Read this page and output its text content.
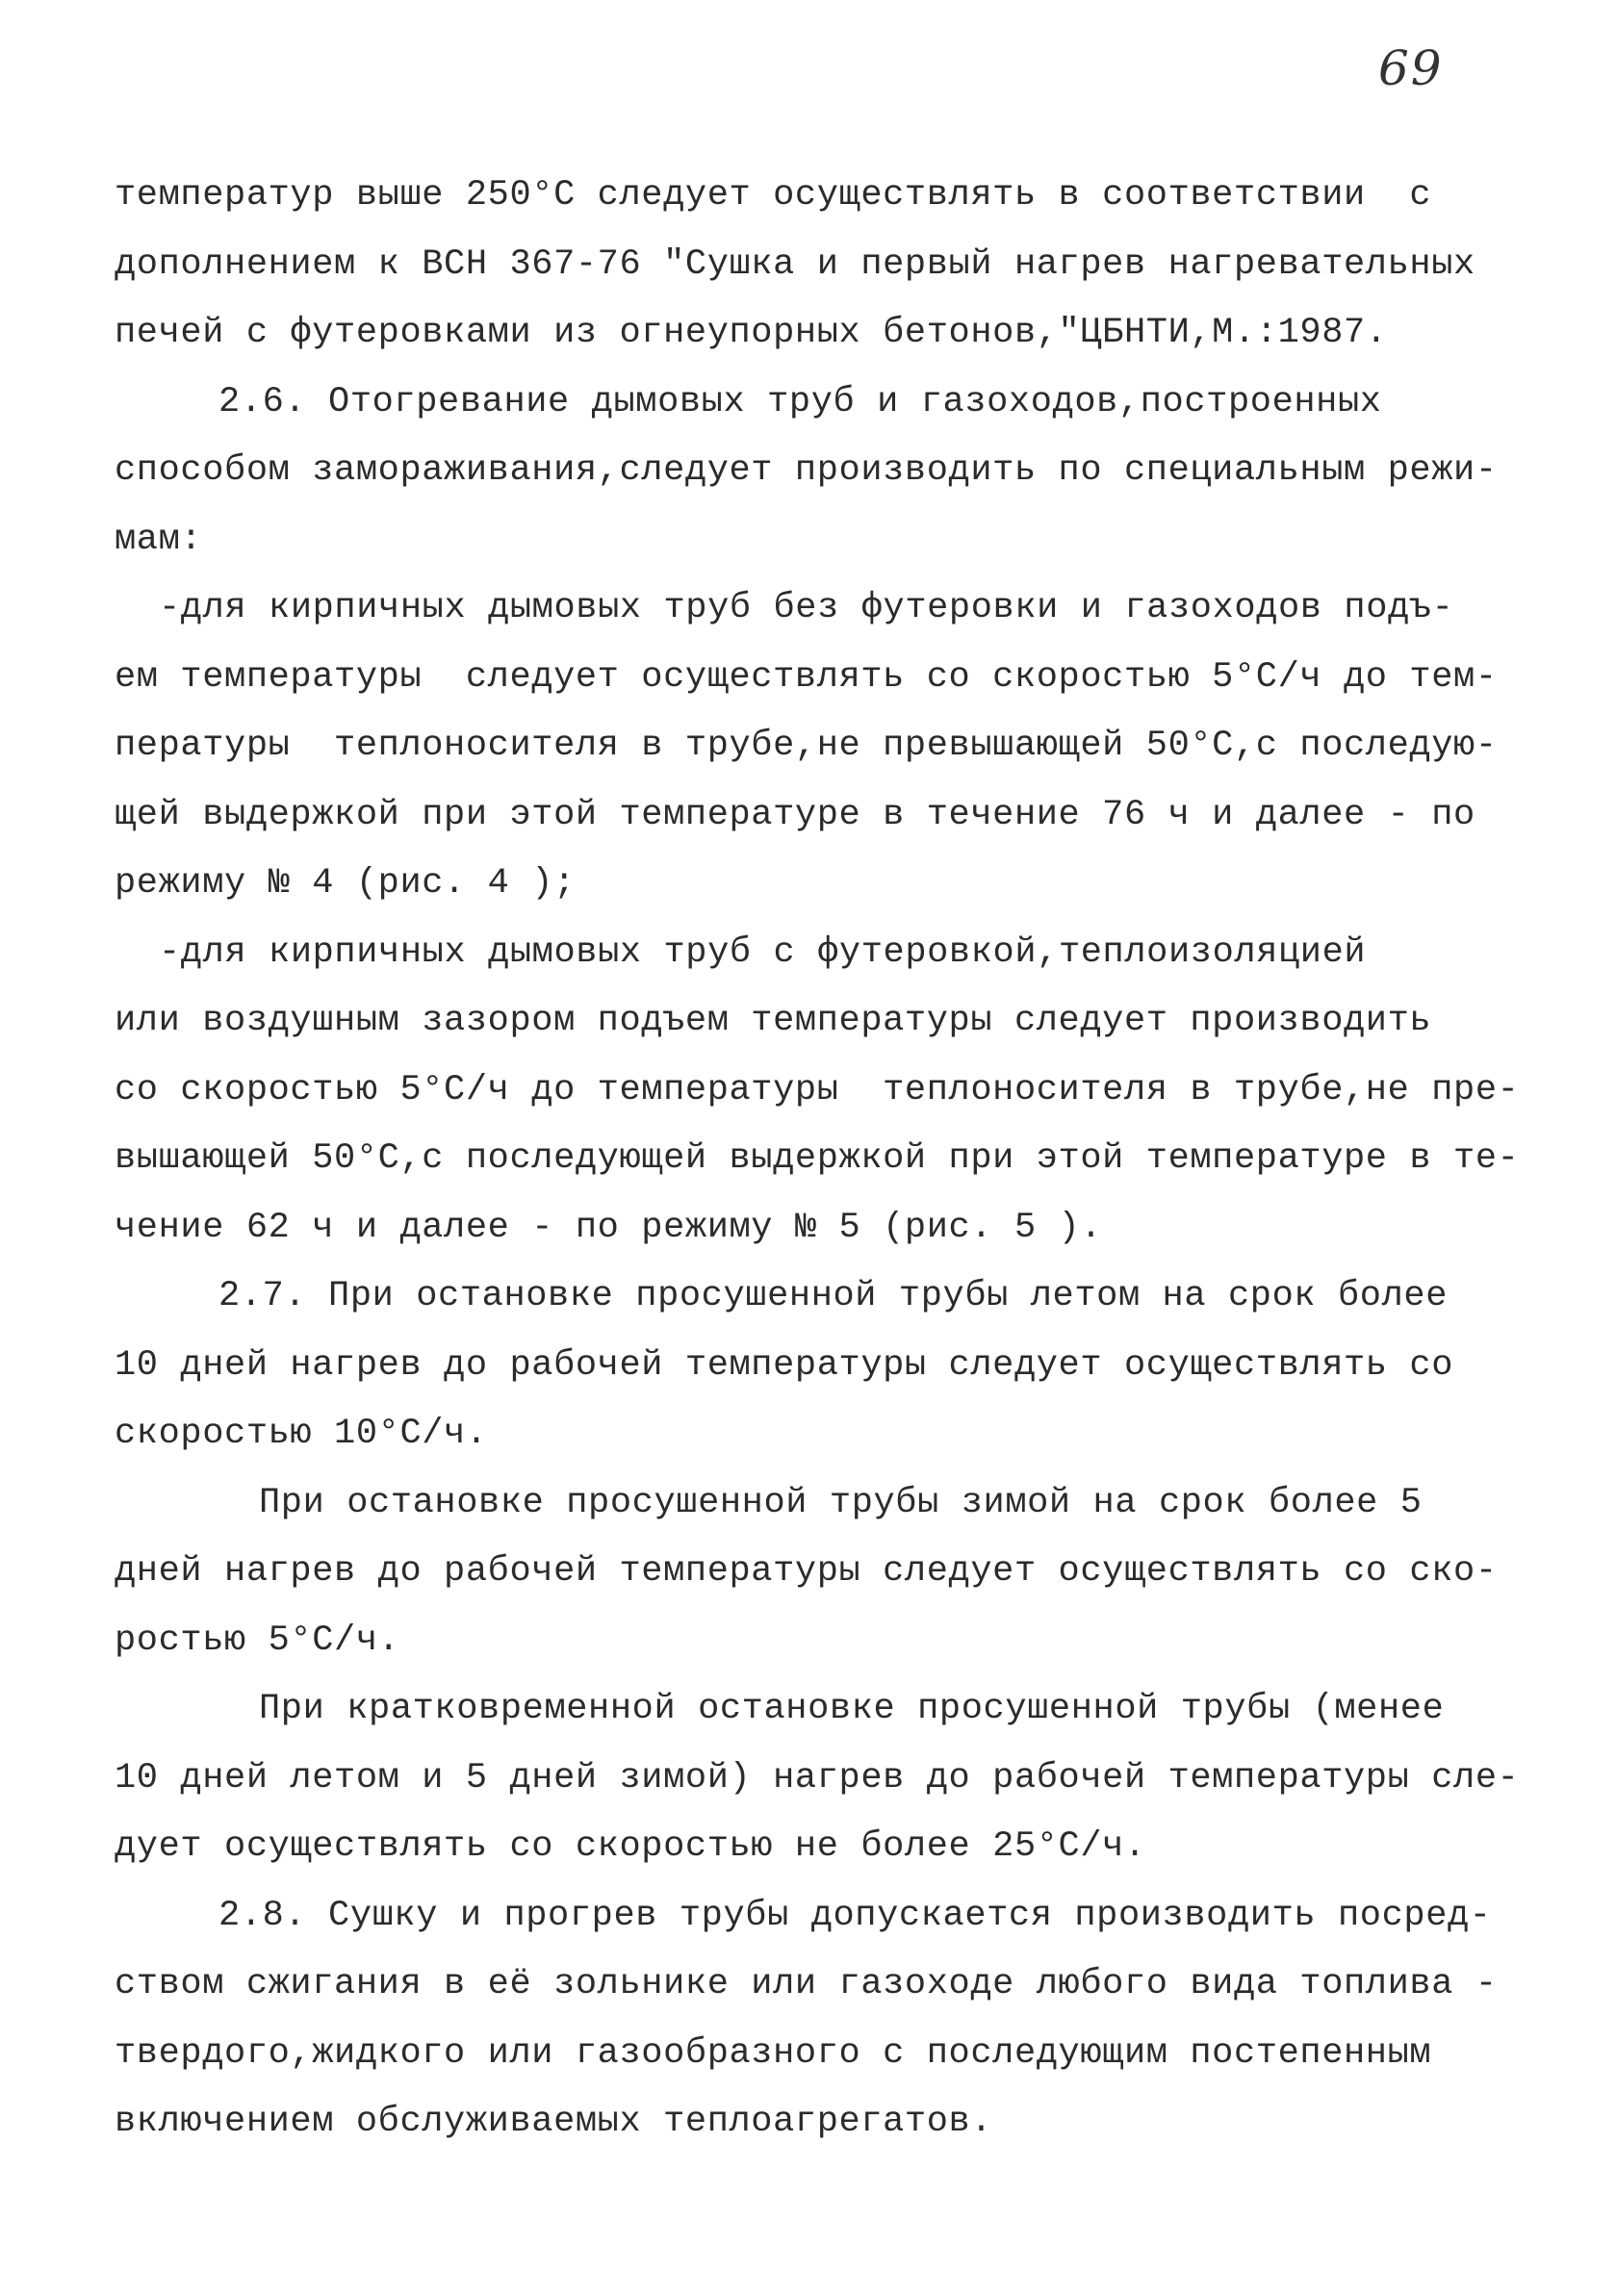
69
температур выше 250°С следует осуществлять в соответствии  с
дополнением к ВСН 367-76 "Сушка и первый нагрев нагревательных
печей с футеровками из огнеупорных бетонов,"ЦБНТИ,М.:1987.
2.6. Отогревание дымовых труб и газоходов,построенных
способом замораживания,следует производить по специальным режи-
мам:
-для кирпичных дымовых труб без футеровки и газоходов подъ-
ем температуры  следует осуществлять со скоростью 5°С/ч до тем-
пературы  теплоносителя в трубе,не превышающей 50°С,с последую-
щей выдержкой при этой температуре в течение 76 ч и далее - по
режиму № 4 (рис. 4 );
-для кирпичных дымовых труб с футеровкой,теплоизоляцией
или воздушным зазором подъем температуры следует производить
со скоростью 5°С/ч до температуры  теплоносителя в трубе,не пре-
вышающей 50°С,с последующей выдержкой при этой температуре в те-
чение 62 ч и далее - по режиму № 5 (рис. 5 ).
2.7. При остановке просушенной трубы летом на срок более
10 дней нагрев до рабочей температуры следует осуществлять со
скоростью 10°С/ч.
При остановке просушенной трубы зимой на срок более 5
дней нагрев до рабочей температуры следует осуществлять со ско-
ростью 5°С/ч.
При кратковременной остановке просушенной трубы (менее
10 дней летом и 5 дней зимой) нагрев до рабочей температуры сле-
дует осуществлять со скоростью не более 25°С/ч.
2.8. Сушку и прогрев трубы допускается производить посред-
ством сжигания в её зольнике или газоходе любого вида топлива -
твердого,жидкого или газообразного с последующим постепенным
включением обслуживаемых теплоагрегатов.
